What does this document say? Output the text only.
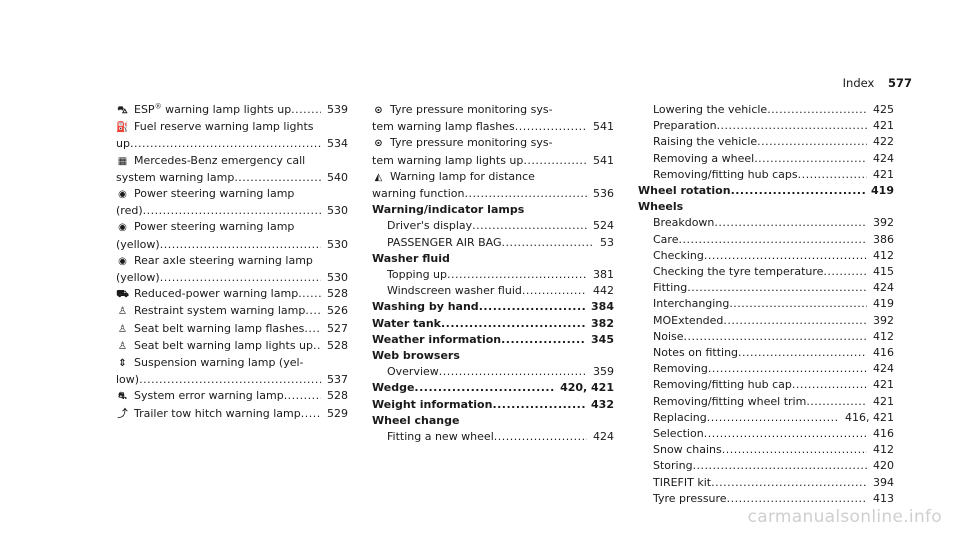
Index 577
⛍ ESP® warning lamp lights up .....	539
⛽ Fuel reserve warning lamp lights
up .....	534
▦ Mercedes-Benz emergency call
system warning lamp .....	540
◉ Power steering warning lamp
(red) .....	530
◉ Power steering warning lamp
(yellow) .....	530
◉ Rear axle steering warning lamp
(yellow) .....	530
⛟ Reduced-power warning lamp .....	528
♙ Restraint system warning lamp .....	526
♙ Seat belt warning lamp flashes .....	527
♙ Seat belt warning lamp lights up .....	528
⇕ Suspension warning lamp (yel-
low) .....	537
⛐ System error warning lamp .....	528
⤴ Trailer tow hitch warning lamp .....	529
⊙ Tyre pressure monitoring sys-
tem warning lamp flashes .....	541
⊙ Tyre pressure monitoring sys-
tem warning lamp lights up .....	541
◭ Warning lamp for distance
warning function .....	536
Warning/indicator lamps
Driver's display .....	524
PASSENGER AIR BAG .....	53
Washer fluid
Topping up .....	381
Windscreen washer fluid .....	442
Washing by hand .....	384
Water tank .....	382
Weather information .....	345
Web browsers
Overview .....	359
Wedge .....	420, 421
Weight information .....	432
Wheel change
Fitting a new wheel .....	424
Lowering the vehicle .....	425
Preparation .....	421
Raising the vehicle .....	422
Removing a wheel .....	424
Removing/fitting hub caps .....	421
Wheel rotation .....	419
Wheels
Breakdown .....	392
Care .....	386
Checking .....	412
Checking the tyre temperature .....	415
Fitting .....	424
Interchanging .....	419
MOExtended .....	392
Noise .....	412
Notes on fitting .....	416
Removing .....	424
Removing/fitting hub cap .....	421
Removing/fitting wheel trim .....	421
Replacing .....	416, 421
Selection .....	416
Snow chains .....	412
Storing .....	420
TIREFIT kit .....	394
Tyre pressure .....	413
carmanualsonline.info
